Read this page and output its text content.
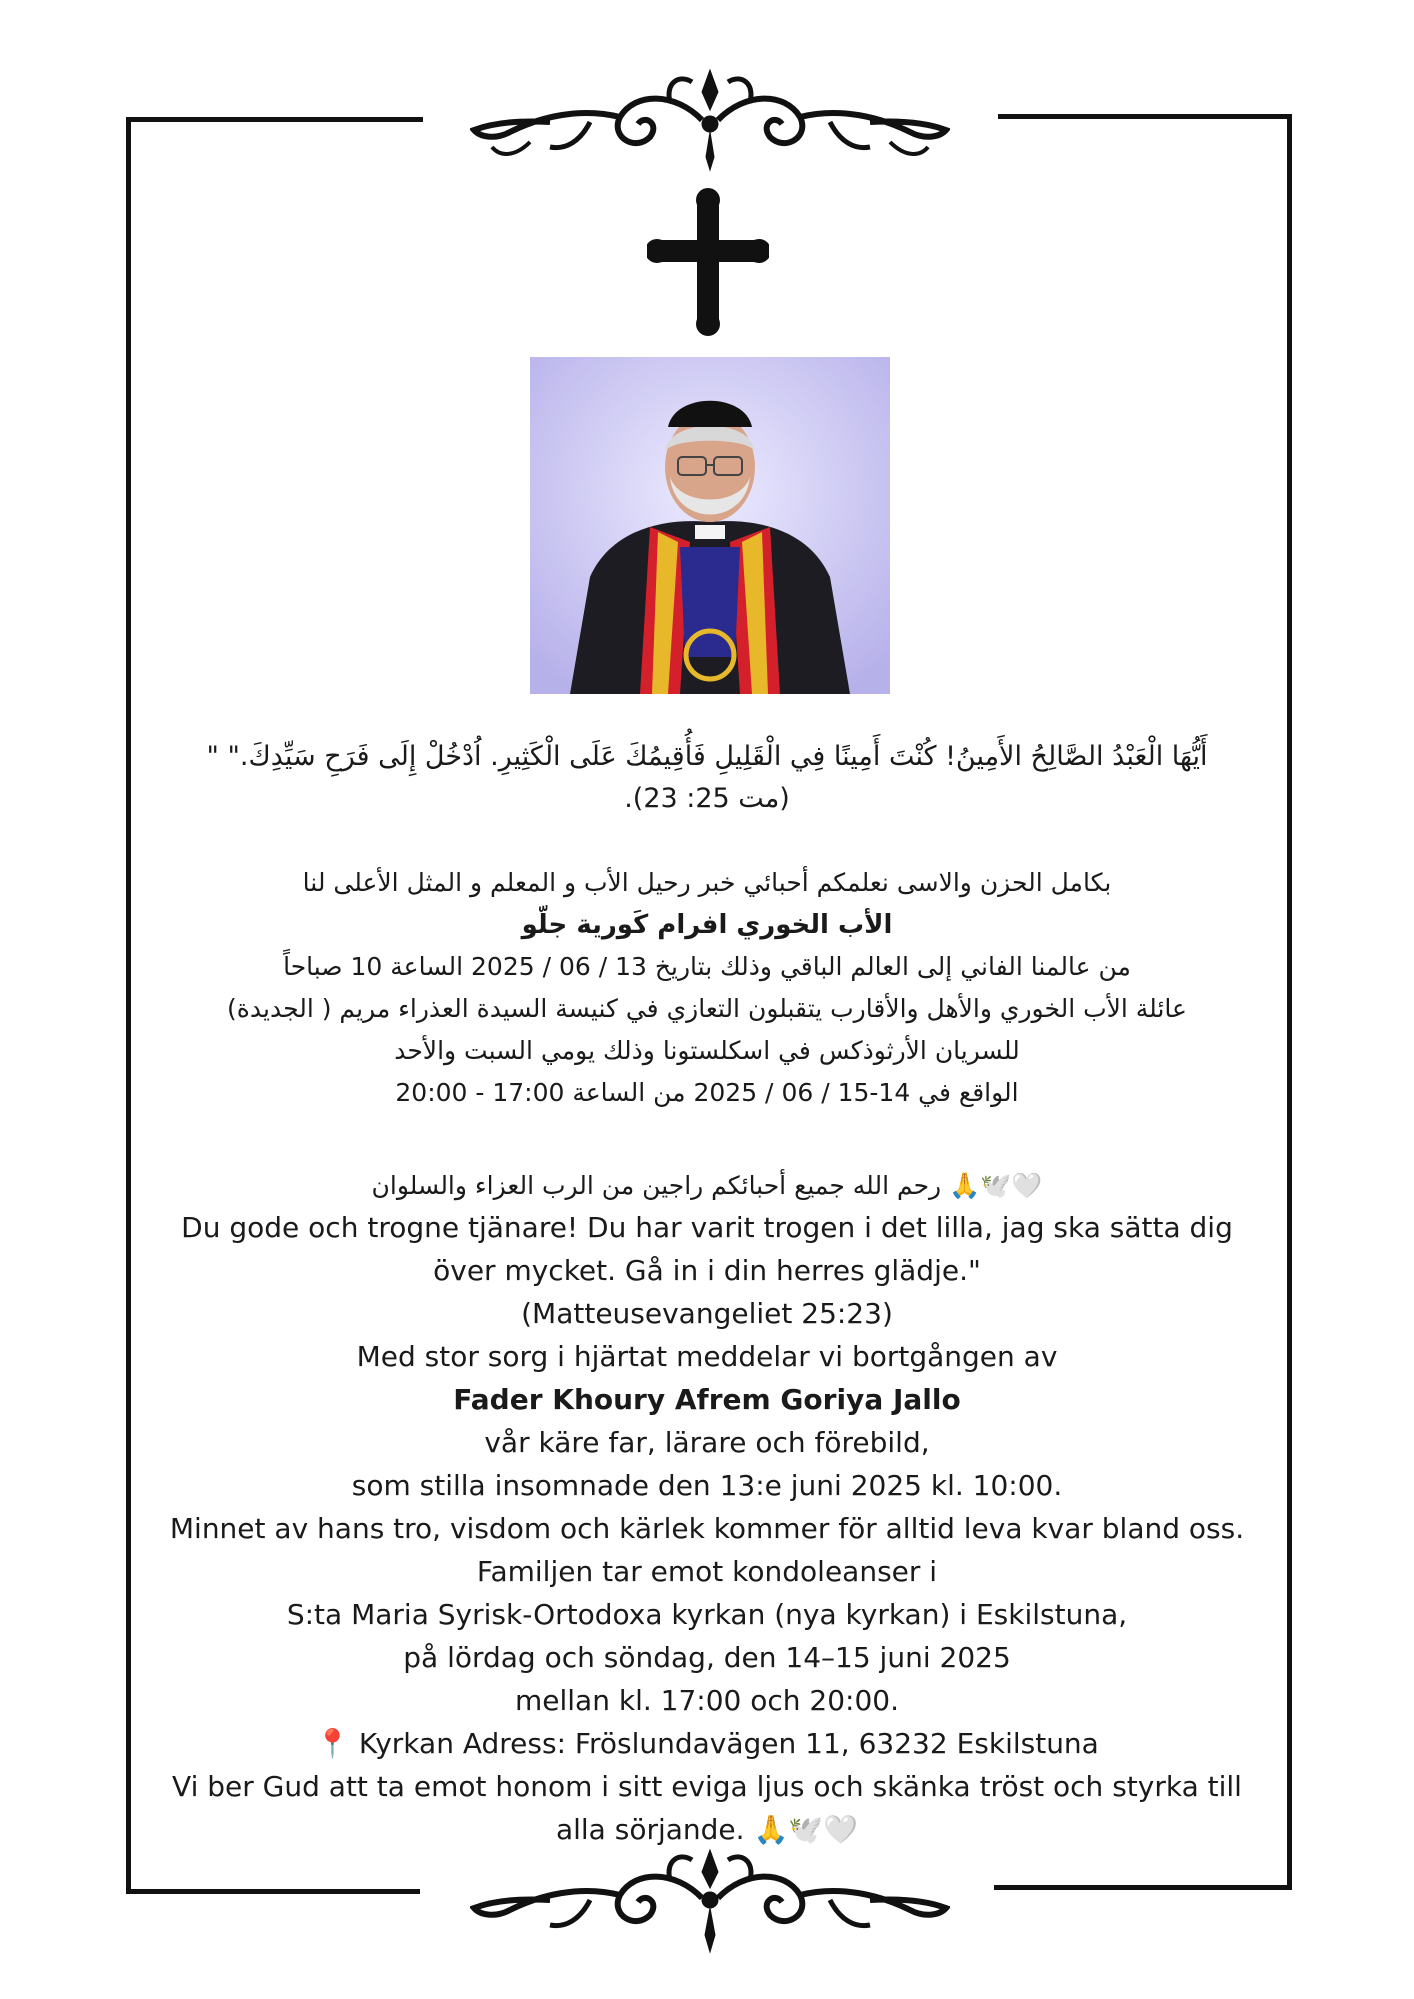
أَيُّهَا الْعَبْدُ الصَّالِحُ الأَمِينُ! كُنْتَ أَمِينًا فِي الْقَلِيلِ فَأُقِيمُكَ عَلَى الْكَثِيرِ. اُدْخُلْ إِلَى فَرَحِ سَيِّدِكَ." "
(مت 25: 23).
بكامل الحزن والاسى نعلمكم أحبائي خبر رحيل الأب و المعلم و المثل الأعلى لنا
الأب الخوري افرام كَورية جلّو
من عالمنا الفاني إلى العالم الباقي وذلك بتاريخ 13 / 06 / 2025 الساعة 10 صباحاً
عائلة الأب الخوري والأهل والأقارب يتقبلون التعازي في كنيسة السيدة العذراء مريم ( الجديدة)
للسريان الأرثوذكس في اسكلستونا وذلك يومي السبت والأحد
الواقع في 14-15 / 06 / 2025 من الساعة 17:00 - 20:00
🤍🕊️🙏 رحم الله جميع أحبائكم راجين من الرب العزاء والسلوان
Du gode och trogne tjänare! Du har varit trogen i det lilla, jag ska sätta dig
över mycket. Gå in i din herres glädje."
(Matteusevangeliet 25:23)
Med stor sorg i hjärtat meddelar vi bortgången av
Fader Khoury Afrem Goriya Jallo
vår käre far, lärare och förebild,
som stilla insomnade den 13:e juni 2025 kl. 10:00.
Minnet av hans tro, visdom och kärlek kommer för alltid leva kvar bland oss.
Familjen tar emot kondoleanser i
S:ta Maria Syrisk-Ortodoxa kyrkan (nya kyrkan) i Eskilstuna,
på lördag och söndag, den 14–15 juni 2025
mellan kl. 17:00 och 20:00.
📍 Kyrkan Adress: Fröslundavägen 11, 63232 Eskilstuna
Vi ber Gud att ta emot honom i sitt eviga ljus och skänka tröst och styrka till
alla sörjande. 🙏🕊️🤍
